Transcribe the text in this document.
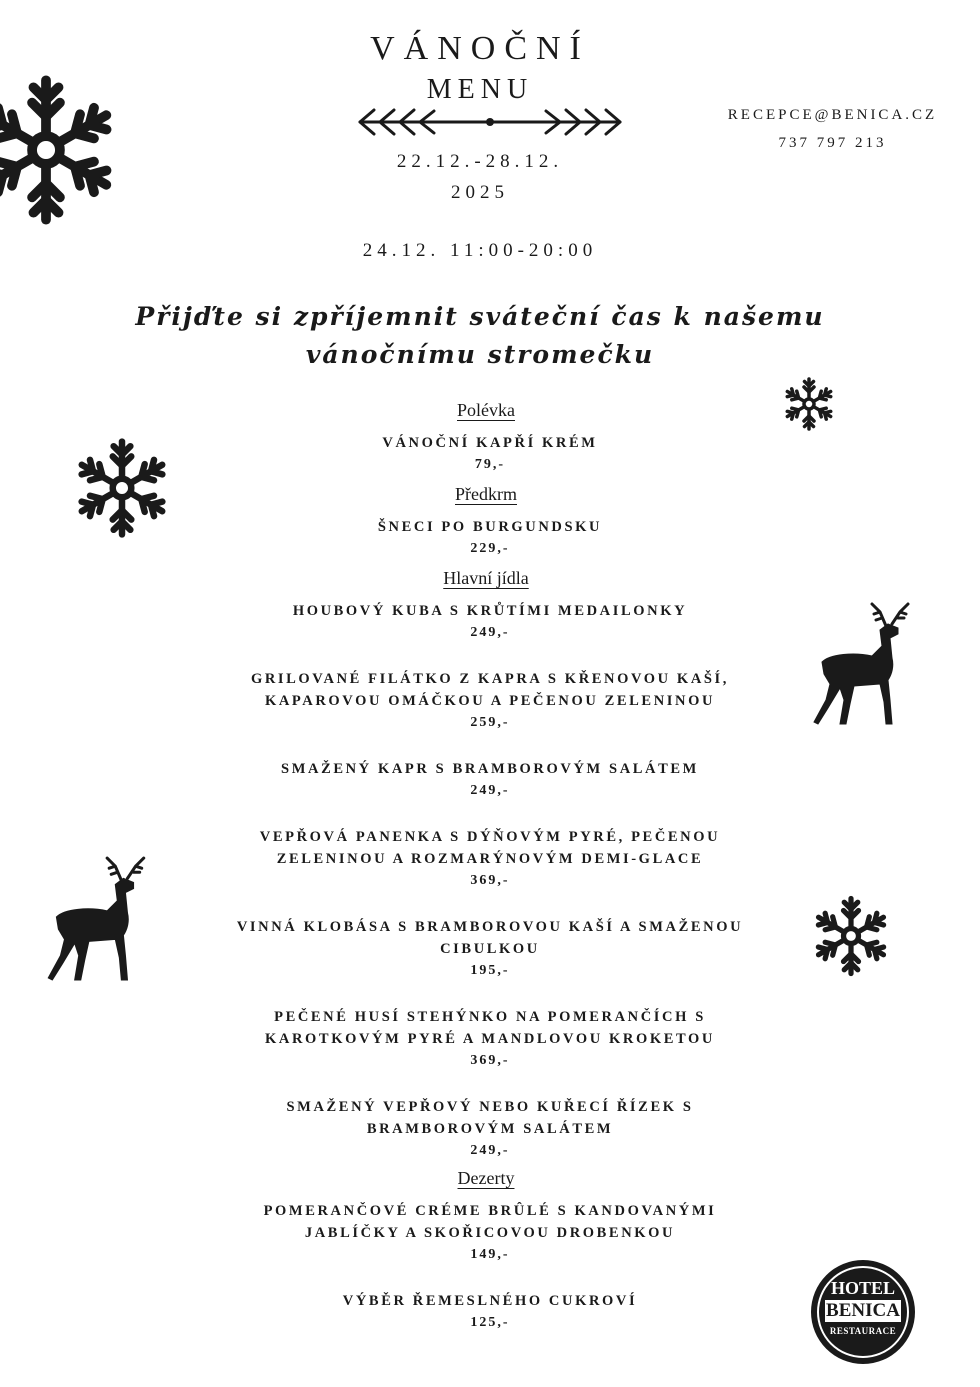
VÁNOČNÍ
MENU
22.12.-28.12.
2025
24.12. 11:00-20:00
RECEPCE@BENICA.CZ
737 797 213
Přijďte si zpříjemnit sváteční čas k našemu
vánočnímu stromečku
Polévka
VÁNOČNÍ KAPŘÍ KRÉM
79,-
Předkrm
ŠNECI PO BURGUNDSKU
229,-
Hlavní jídla
HOUBOVÝ KUBA S KRŮTÍMI MEDAILONKY
249,-
GRILOVANÉ FILÁTKO Z KAPRA S KŘENOVOU KAŠÍ,
KAPAROVOU OMÁČKOU A PEČENOU ZELENINOU
259,-
SMAŽENÝ KAPR S BRAMBOROVÝM SALÁTEM
249,-
VEPŘOVÁ PANENKA S DÝŇOVÝM PYRÉ, PEČENOU
ZELENINOU A ROZMARÝNOVÝM DEMI-GLACE
369,-
VINNÁ KLOBÁSA S BRAMBOROVOU KAŠÍ A SMAŽENOU
CIBULKOU
195,-
PEČENÉ HUSÍ STEHÝNKO NA POMERANČÍCH S
KAROTKOVÝM PYRÉ A MANDLOVOU KROKETOU
369,-
SMAŽENÝ VEPŘOVÝ NEBO KUŘECÍ ŘÍZEK S
BRAMBOROVÝM SALÁTEM
249,-
Dezerty
POMERANČOVÉ CRÉME BRÛLÉ S KANDOVANÝMI
JABLÍČKY A SKOŘICOVOU DROBENKOU
149,-
VÝBĚR ŘEMESLNÉHO CUKROVÍ
125,-
HOTEL
BENICA
RESTAURACE
